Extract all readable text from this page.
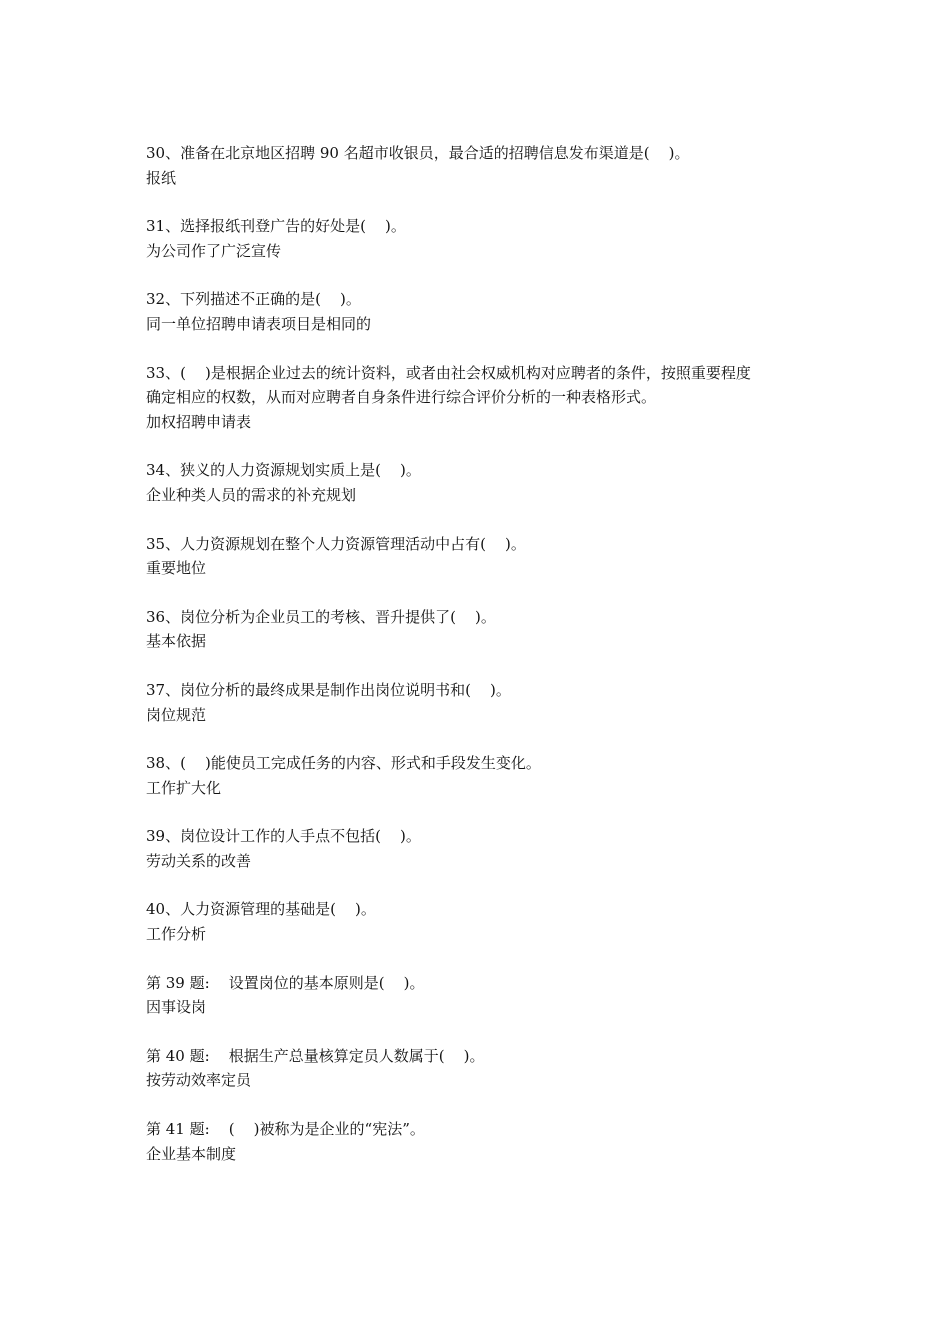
30、准备在北京地区招聘 90 名超市收银员，最合适的招聘信息发布渠道是(    )。

报纸

31、选择报纸刊登广告的好处是(    )。

为公司作了广泛宣传

32、下列描述不正确的是(    )。

同一单位招聘申请表项目是相同的

33、(    )是根据企业过去的统计资料，或者由社会权威机构对应聘者的条件，按照重要程度

确定相应的权数，从而对应聘者自身条件进行综合评价分析的一种表格形式。

加权招聘申请表

34、狭义的人力资源规划实质上是(    )。

企业种类人员的需求的补充规划

35、人力资源规划在整个人力资源管理活动中占有(    )。

重要地位

36、岗位分析为企业员工的考核、晋升提供了(    )。

基本依据

37、岗位分析的最终成果是制作出岗位说明书和(    )。

岗位规范

38、(    )能使员工完成任务的内容、形式和手段发生变化。

工作扩大化

39、岗位设计工作的人手点不包括(    )。

劳动关系的改善

40、人力资源管理的基础是(    )。

工作分析

第 39 题:    设置岗位的基本原则是(    )。

因事设岗

第 40 题:    根据生产总量核算定员人数属于(    )。

按劳动效率定员

第 41 题:    (    )被称为是企业的“宪法”。

企业基本制度
